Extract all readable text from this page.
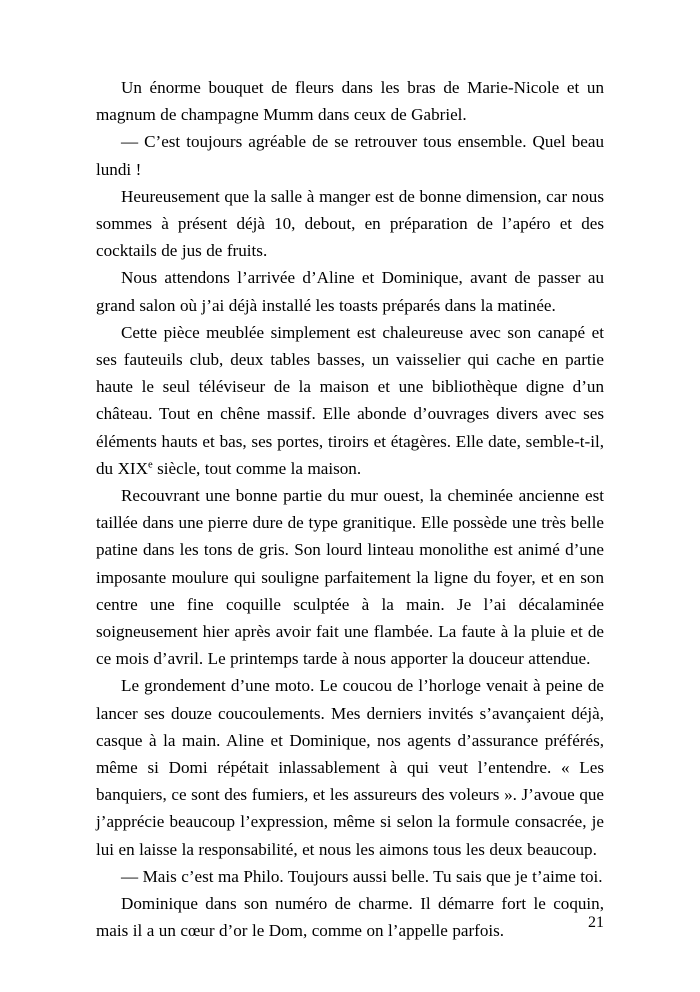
Un énorme bouquet de fleurs dans les bras de Marie-Nicole et un magnum de champagne Mumm dans ceux de Gabriel.

— C’est toujours agréable de se retrouver tous ensemble. Quel beau lundi !

Heureusement que la salle à manger est de bonne dimension, car nous sommes à présent déjà 10, debout, en préparation de l’apéro et des cocktails de jus de fruits.

Nous attendons l’arrivée d’Aline et Dominique, avant de passer au grand salon où j’ai déjà installé les toasts préparés dans la matinée.

Cette pièce meublée simplement est chaleureuse avec son canapé et ses fauteuils club, deux tables basses, un vaisselier qui cache en partie haute le seul téléviseur de la maison et une bibliothèque digne d’un château. Tout en chêne massif. Elle abonde d’ouvrages divers avec ses éléments hauts et bas, ses portes, tiroirs et étagères. Elle date, semble-t-il, du XIXe siècle, tout comme la maison.

Recouvrant une bonne partie du mur ouest, la cheminée ancienne est taillée dans une pierre dure de type granitique. Elle possède une très belle patine dans les tons de gris. Son lourd linteau monolithe est animé d’une imposante moulure qui souligne parfaitement la ligne du foyer, et en son centre une fine coquille sculptée à la main. Je l’ai décalaminée soigneusement hier après avoir fait une flambée. La faute à la pluie et de ce mois d’avril. Le printemps tarde à nous apporter la douceur attendue.

Le grondement d’une moto. Le coucou de l’horloge venait à peine de lancer ses douze coucoulements. Mes derniers invités s’avançaient déjà, casque à la main. Aline et Dominique, nos agents d’assurance préférés, même si Domi répétait inlassablement à qui veut l’entendre. « Les banquiers, ce sont des fumiers, et les assureurs des voleurs ». J’avoue que j’apprécie beaucoup l’expression, même si selon la formule consacrée, je lui en laisse la responsabilité, et nous les aimons tous les deux beaucoup.

— Mais c’est ma Philo. Toujours aussi belle. Tu sais que je t’aime toi.

Dominique dans son numéro de charme. Il démarre fort le coquin, mais il a un cœur d’or le Dom, comme on l’appelle parfois.	21
